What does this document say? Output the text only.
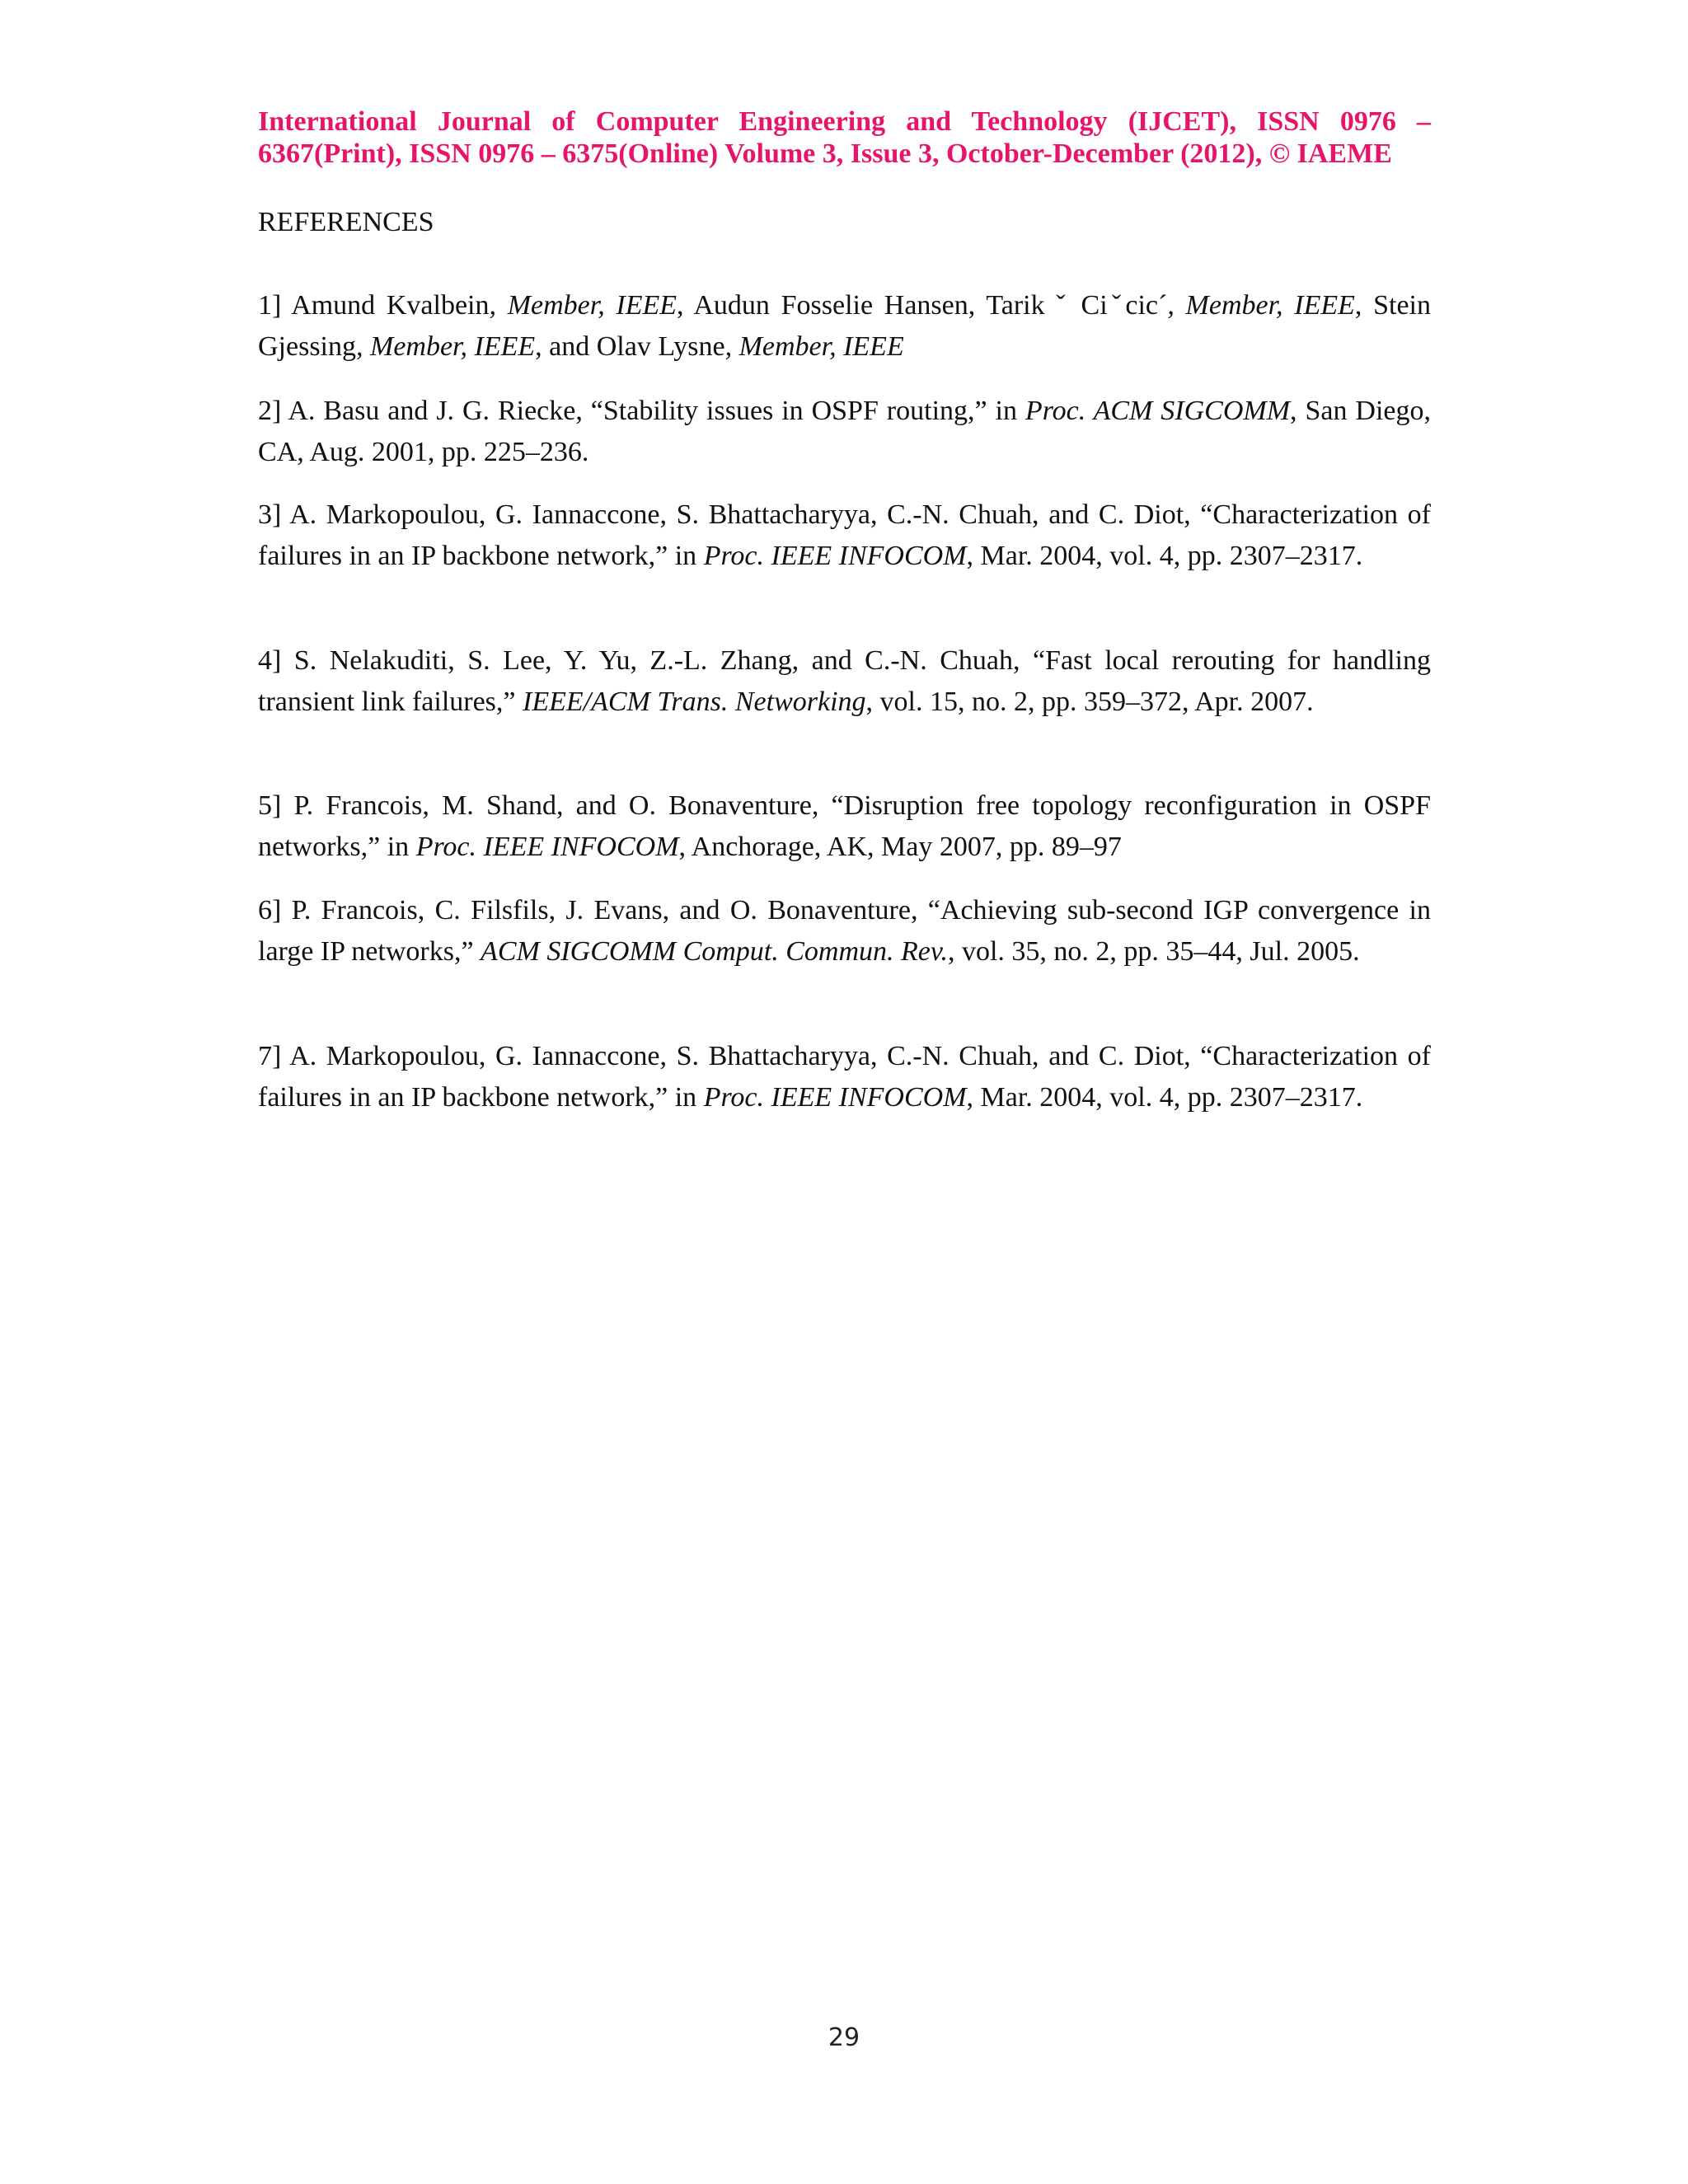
International Journal of Computer Engineering and Technology (IJCET), ISSN 0976 – 6367(Print), ISSN 0976 – 6375(Online) Volume 3, Issue 3, October-December (2012), © IAEME

REFERENCES

1] Amund Kvalbein, Member, IEEE, Audun Fosselie Hansen, Tarik ˇ Ciˇcic´, Member, IEEE, Stein Gjessing, Member, IEEE, and Olav Lysne, Member, IEEE

2] A. Basu and J. G. Riecke, “Stability issues in OSPF routing,” in Proc. ACM SIGCOMM, San Diego, CA, Aug. 2001, pp. 225–236.

3] A. Markopoulou, G. Iannaccone, S. Bhattacharyya, C.-N. Chuah, and C. Diot, “Characterization of failures in an IP backbone network,” in Proc. IEEE INFOCOM, Mar. 2004, vol. 4, pp. 2307–2317.

4] S. Nelakuditi, S. Lee, Y. Yu, Z.-L. Zhang, and C.-N. Chuah, “Fast local rerouting for handling transient link failures,” IEEE/ACM Trans. Networking, vol. 15, no. 2, pp. 359–372, Apr. 2007.

5] P. Francois, M. Shand, and O. Bonaventure, “Disruption free topology reconfiguration in OSPF networks,” in Proc. IEEE INFOCOM, Anchorage, AK, May 2007, pp. 89–97

6] P. Francois, C. Filsfils, J. Evans, and O. Bonaventure, “Achieving sub-second IGP convergence in large IP networks,” ACM SIGCOMM Comput. Commun. Rev., vol. 35, no. 2, pp. 35–44, Jul. 2005.

7] A. Markopoulou, G. Iannaccone, S. Bhattacharyya, C.-N. Chuah, and C. Diot, “Characterization of failures in an IP backbone network,” in Proc. IEEE INFOCOM, Mar. 2004, vol. 4, pp. 2307–2317.

29
